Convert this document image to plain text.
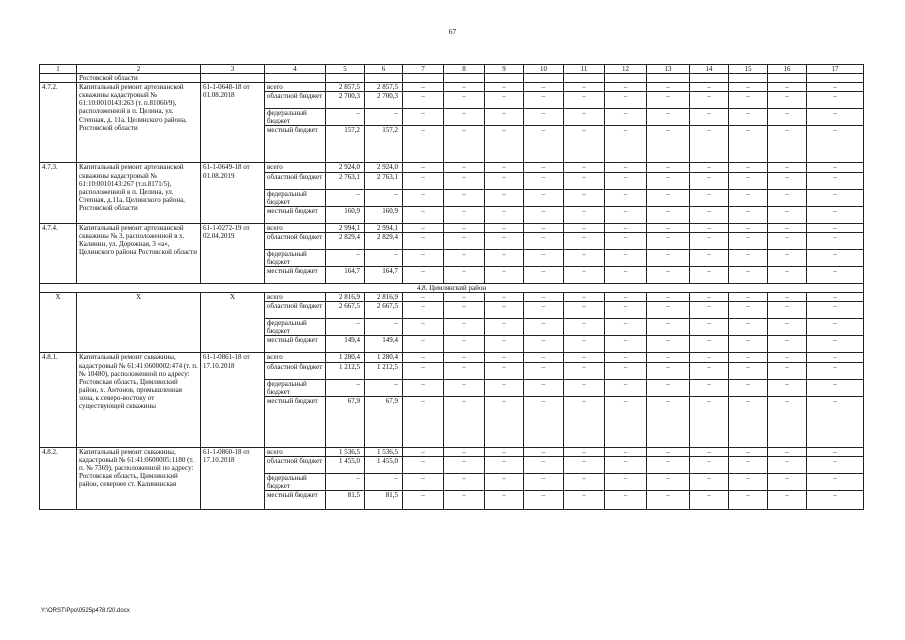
67
1	2	3	4	5	6	7	8	9	10	11	12	13	14	15	16	17
	Ростовской области															
4.7.2.	Капитальный ремонт артезианской скважины кадастровый № 61:10:0010143:263 (т. п.81060/9), расположенной в п. Целина, ул. Степная, д. 11а, Целинского района, Ростовской области	61-1-0648-18 от 01.08.2018	всего	2 857,5	2 857,5	–	–	–	–	–	–	–	–	–	–	–
			областной бюджет	2 700,3	2 700,3	–	–	–	–	–	–	–	–	–	–	–
			федеральный бюджет	–	–	–	–	–	–	–	–	–	–	–	–	–
			местный бюджет	157,2	157,2	–	–	–	–	–	–	–	–	–	–	–
4.7.3.	Капитальный ремонт артезианской скважины кадастровый № 61:10:0010143:267 (т.п.8171/5), расположенной в п. Целина, ул. Степная, д.11а, Целинского района, Ростовской области	61-1-0649-18 от 01.08.2019	всего	2 924,0	2 924,0	–	–	–	–	–	–	–	–	–	–	–
			областной бюджет	2 763,1	2 763,1	–	–	–	–	–	–	–	–	–	–	–
			федеральный бюджет	–	–	–	–	–	–	–	–	–	–	–	–	–
			местный бюджет	160,9	160,9	–	–	–	–	–	–	–	–	–	–	–
4.7.4.	Капитальный ремонт артезианской скважины № 3, расположенной в х. Калинин, ул. Дорожная, 3 «а», Целинского района Ростовской области	61-1-0272-19 от 02.04.2019	всего	2 994,1	2 994,1	–	–	–	–	–	–	–	–	–	–	–
			областной бюджет	2 829,4	2 829,4	–	–	–	–	–	–	–	–	–	–	–
			федеральный бюджет	–	–	–	–	–	–	–	–	–	–	–	–	–
			местный бюджет	164,7	164,7	–	–	–	–	–	–	–	–	–	–	–
4.8. Цимлянский район																
Х	Х	Х	всего	2 816,9	2 816,9	–	–	–	–	–	–	–	–	–	–	–
			областной бюджет	2 667,5	2 667,5	–	–	–	–	–	–	–	–	–	–	–
			федеральный бюджет	–	–	–	–	–	–	–	–	–	–	–	–	–
			местный бюджет	149,4	149,4	–	–	–	–	–	–	–	–	–	–	–
4.8.1.	Капитальный ремонт скважины, кадастровый № 61:41:0600002:474 (т. п. № 10480), расположенной по адресу: Ростовская область, Цимлянский район, х. Антонов, промышленная зона, к северо-востоку от существующей скважины	61-1-0861-18 от 17.10.2018	всего	1 280,4	1 280,4	–	–	–	–	–	–	–	–	–	–	–
			областной бюджет	1 212,5	1 212,5	–	–	–	–	–	–	–	–	–	–	–
			федеральный бюджет	–	–	–	–	–	–	–	–	–	–	–	–	–
			местный бюджет	67,9	67,9	–	–	–	–	–	–	–	–	–	–	–
4.8.2.	Капитальный ремонт скважины, кадастровый № 61:41:0600005:1180 (т. п. № 7369), расположенной по адресу: Ростовская область, Цимлянский район, севернее ст. Калининская	61-1-0860-18 от 17.10.2018	всего	1 536,5	1 536,5	–	–	–	–	–	–	–	–	–	–	–
			областной бюджет	1 455,0	1 455,0	–	–	–	–	–	–	–	–	–	–	–
			федеральный бюджет	–	–	–	–	–	–	–	–	–	–	–	–	–
			местный бюджет	81,5	81,5	–	–	–	–	–	–	–	–	–	–	–
Y:\ORST\Ppo\0525p478.f20.docx
